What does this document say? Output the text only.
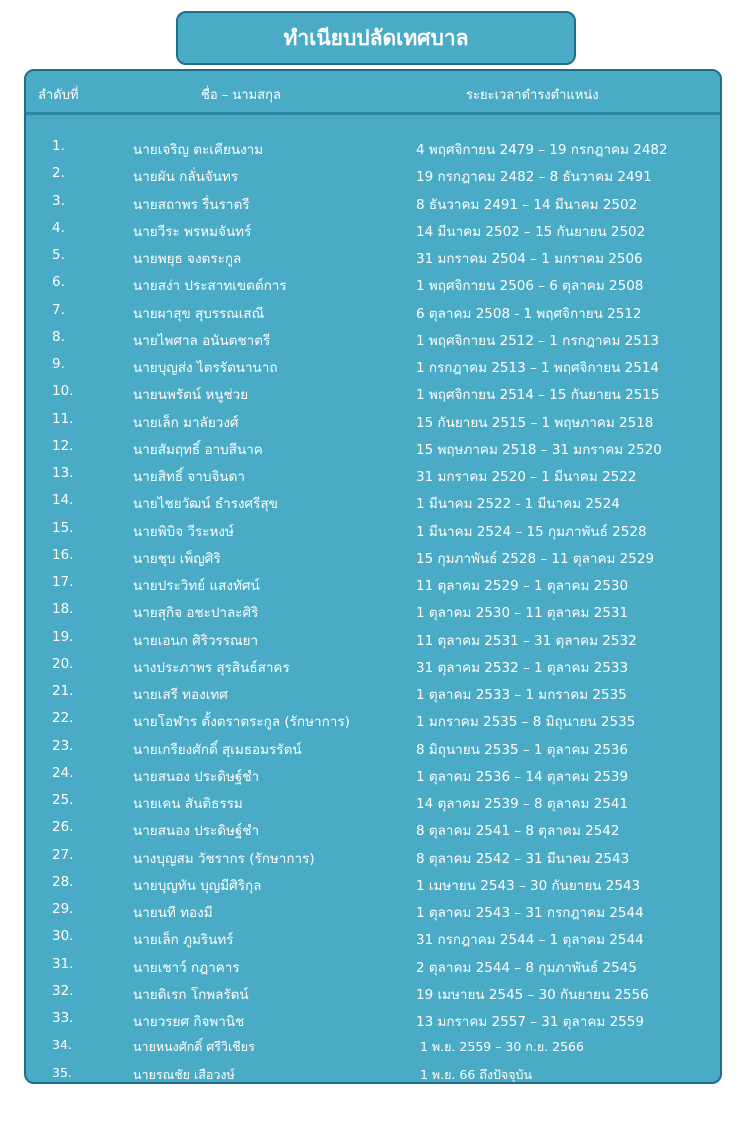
ทำเนียบปลัดเทศบาล
ลำดับที่	ชื่อ – นามสกุล	ระยะเวลาดำรงตำแหน่ง
1.	นายเจริญ ตะเคียนงาม	4 พฤศจิกายน 2479 – 19 กรกฎาคม 2482
2.	นายผัน กลั่นจันทร	19 กรกฎาคม 2482 – 8 ธันวาคม 2491
3.	นายสถาพร รื่นราตรี	8 ธันวาคม 2491 – 14 มีนาคม 2502
4.	นายวีระ พรหมจันทร์	14 มีนาคม 2502 – 15 กันยายน 2502
5.	นายพยุธ จงตระกูล	31 มกราคม 2504 – 1 มกราคม 2506
6.	นายสง่า ประสาทเขตต์การ	1 พฤศจิกายน 2506 – 6 ตุลาคม 2508
7.	นายผาสุข สุบรรณเสณี	6 ตุลาคม 2508 - 1 พฤศจิกายน 2512
8.	นายไพศาล อนันตชาตรี	1 พฤศจิกายน 2512 – 1 กรกฎาคม 2513
9.	นายบุญส่ง ไตรรัตนานาถ	1 กรกฎาคม 2513 – 1 พฤศจิกายน 2514
10.	นายนพรัตน์ หนูช่วย	1 พฤศจิกายน 2514 – 15 กันยายน 2515
11.	นายเล็ก มาลัยวงศ์	15 กันยายน 2515 – 1 พฤษภาคม 2518
12.	นายสัมฤทธิ์ อาบสีนาค	15 พฤษภาคม 2518 – 31 มกราคม 2520
13.	นายสิทธิ์ จาบจินดา	31 มกราคม 2520 – 1 มีนาคม 2522
14.	นายไชยวัฒน์ ธำรงศรีสุข	1 มีนาคม 2522 - 1 มีนาคม 2524
15.	นายพิบิจ วีระหงษ์	1 มีนาคม 2524 – 15 กุมภาพันธ์ 2528
16.	นายชุบ เพ็ญศิริ	15 กุมภาพันธ์ 2528 – 11 ตุลาคม 2529
17.	นายประวิทย์ แสงทัศน์	11 ตุลาคม 2529 – 1 ตุลาคม 2530
18.	นายสุกิจ อชะปาละศิริ	1 ตุลาคม 2530 – 11 ตุลาคม 2531
19.	นายเอนก ศิริวรรณยา	11 ตุลาคม 2531 – 31 ตุลาคม 2532
20.	นางประภาพร สุรสินธ์สาคร	31 ตุลาคม 2532 – 1 ตุลาคม 2533
21.	นายเสรี ทองเทศ	1 ตุลาคม 2533 – 1 มกราคม 2535
22.	นายโอฬาร ตั้งตราตระกูล (รักษาการ)	1 มกราคม 2535 – 8 มิถุนายน 2535
23.	นายเกรียงศักดิ์ สุเมธอมรรัตน์	8 มิถุนายน 2535 – 1 ตุลาคม 2536
24.	นายสนอง ประดิษฐ์ชำ	1 ตุลาคม 2536 – 14 ตุลาคม 2539
25.	นายเคน สันติธรรม	14 ตุลาคม 2539 – 8 ตุลาคม 2541
26.	นายสนอง ประดิษฐ์ชำ	8 ตุลาคม 2541 – 8 ตุลาคม 2542
27.	นางบุญสม วัชรากร (รักษาการ)	8 ตุลาคม 2542 – 31 มีนาคม 2543
28.	นายบุญทัน บุญมีศิริกุล	1 เมษายน 2543 – 30 กันยายน 2543
29.	นายนที ทองมี	1 ตุลาคม 2543 – 31 กรกฎาคม 2544
30.	นายเล็ก ภูมรินทร์	31 กรกฎาคม 2544 – 1 ตุลาคม 2544
31.	นายเชาว์ กฎาคาร	2 ตุลาคม 2544 – 8 กุมภาพันธ์ 2545
32.	นายดิเรก โกพลรัตน์	19 เมษายน 2545 – 30 กันยายน 2556
33.	นายวรยศ กิจพานิช	13 มกราคม 2557 – 31 ตุลาคม 2559
34.	นายหนงศักดิ์ ศรีวิเชียร	1 พ.ย. 2559 – 30 ก.ย. 2566
35.	นายรณชัย เสือวงษ์	1 พ.ย. 66 ถึงปัจจุบัน
